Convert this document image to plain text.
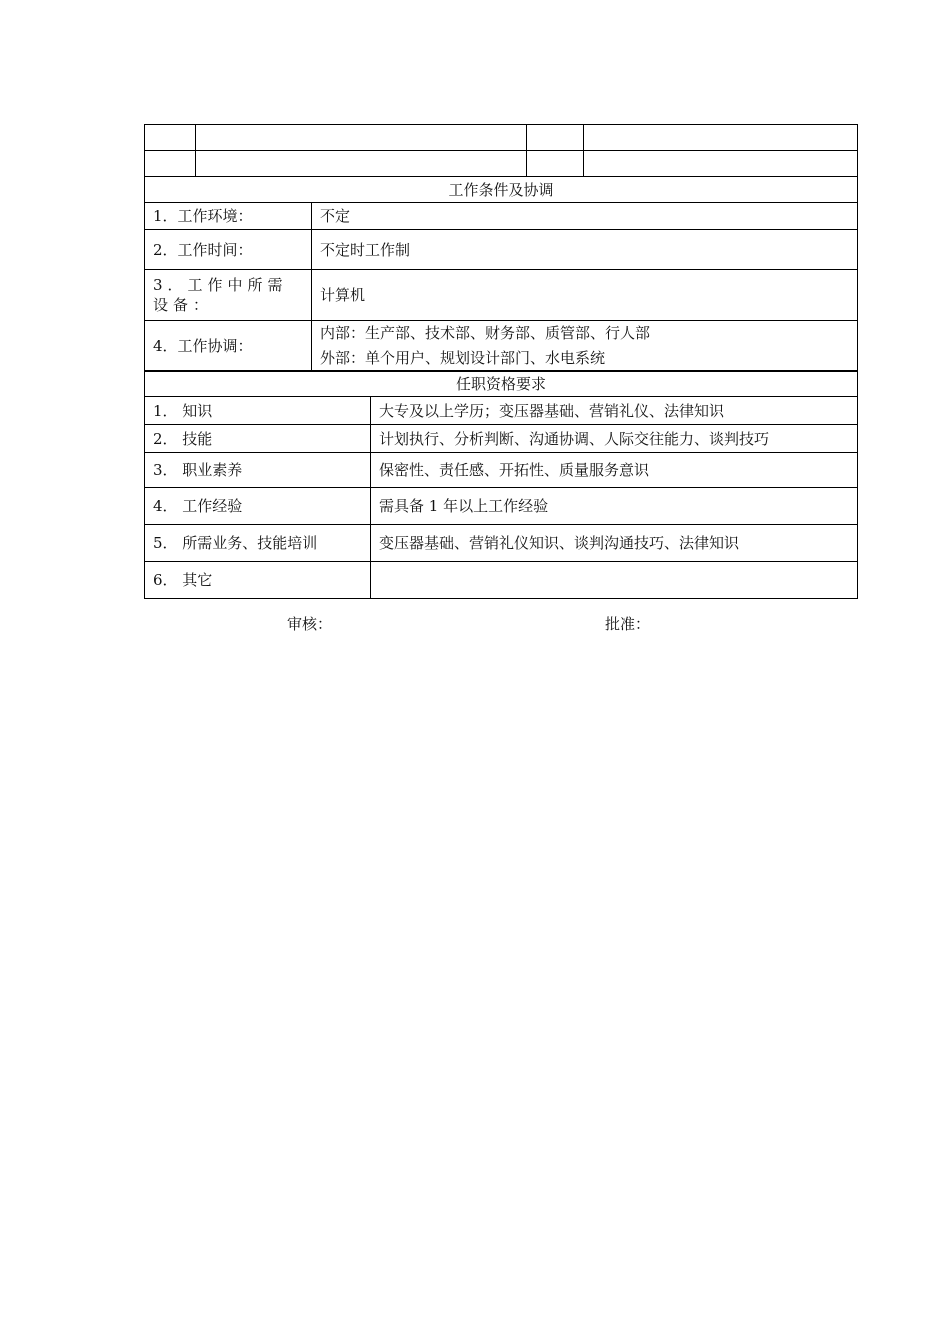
工作条件及协调	
1．工作环境：	不定
2．工作时间：	不定时工作制
3．工作中所需设备：	计算机
4．工作协调：	内部：生产部、技术部、财务部、质管部、行人部
外部：单个用户、规划设计部门、水电系统
任职资格要求	
1． 知识	大专及以上学历；变压器基础、营销礼仪、法律知识
2． 技能	计划执行、分析判断、沟通协调、人际交往能力、谈判技巧
3． 职业素养	保密性、责任感、开拓性、质量服务意识
4． 工作经验	需具备 1 年以上工作经验
5． 所需业务、技能培训	变压器基础、营销礼仪知识、谈判沟通技巧、法律知识
6． 其它	
审核：	批准：
